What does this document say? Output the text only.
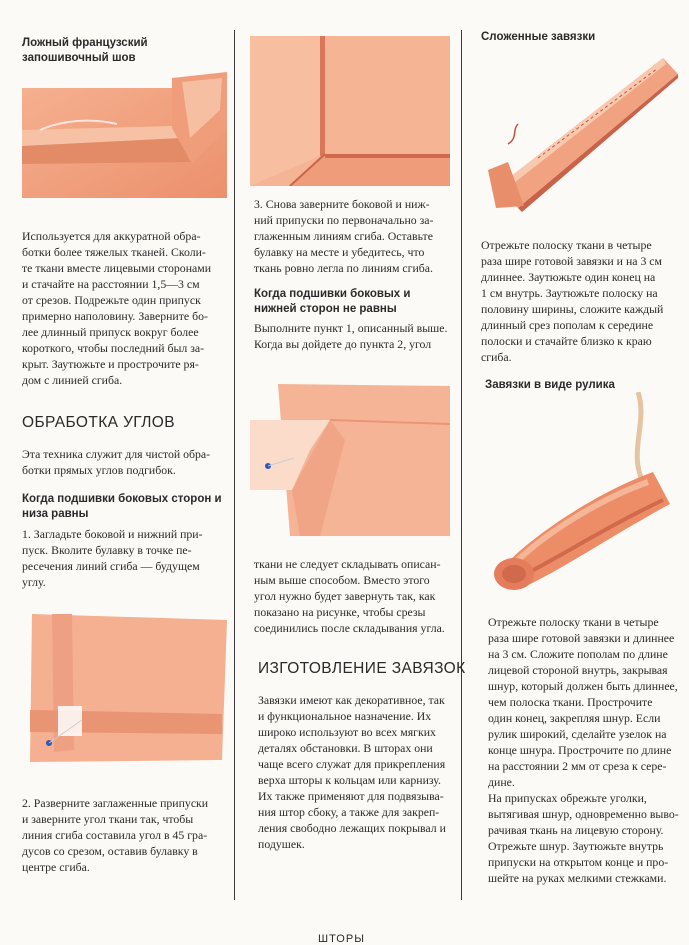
Ложный французский
запошивочный шов
Используется для аккуратной обра-
ботки более тяжелых тканей. Сколи-
те ткани вместе лицевыми сторонами
и стачайте на расстоянии 1,5—3 см
от срезов. Подрежьте один припуск
примерно наполовину. Заверните бо-
лее длинный припуск вокруг более
короткого, чтобы последний был за-
крыт. Заутюжьте и прострочите ря-
дом с линией сгиба.
ОБРАБОТКА УГЛОВ
Эта техника служит для чистой обра-
ботки прямых углов подгибок.
Когда подшивки боковых сторон и
низа равны
1. Загладьте боковой и нижний при-
пуск. Вколите булавку в точке пе-
ресечения линий сгиба — будущем
углу.
2. Разверните заглаженные припуски
и заверните угол ткани так, чтобы
линия сгиба составила угол в 45 гра-
дусов со срезом, оставив булавку в
центре сгиба.
3. Снова заверните боковой и ниж-
ний припуски по первоначально за-
глаженным линиям сгиба. Оставьте
булавку на месте и убедитесь, что
ткань ровно легла по линиям сгиба.
Когда подшивки боковых и
нижней сторон не равны
Выполните пункт 1, описанный выше.
Когда вы дойдете до пункта 2, угол
ткани не следует складывать описан-
ным выше способом. Вместо этого
угол нужно будет завернуть так, как
показано на рисунке, чтобы срезы
соединились после складывания угла.
ИЗГОТОВЛЕНИЕ ЗАВЯЗОК
Завязки имеют как декоративное, так
и функциональное назначение. Их
широко используют во всех мягких
деталях обстановки. В шторах они
чаще всего служат для прикрепления
верха шторы к кольцам или карнизу.
Их также применяют для подвязыва-
ния штор сбоку, а также для закреп-
ления свободно лежащих покрывал и
подушек.
Сложенные завязки
Отрежьте полоску ткани в четыре
раза шире готовой завязки и на 3 см
длиннее. Заутюжьте один конец на
1 см внутрь. Заутюжьте полоску на
половину ширины, сложите каждый
длинный срез пополам к середине
полоски и стачайте близко к краю
сгиба.
Завязки в виде рулика
Отрежьте полоску ткани в четыре
раза шире готовой завязки и длиннее
на 3 см. Сложите пополам по длине
лицевой стороной внутрь, закрывая
шнур, который должен быть длиннее,
чем полоска ткани. Прострочите
один конец, закрепляя шнур. Если
рулик широкий, сделайте узелок на
конце шнура. Прострочите по длине
на расстоянии 2 мм от среза к сере-
дине.
На припусках обрежьте уголки,
вытягивая шнур, одновременно выво-
рачивая ткань на лицевую сторону.
Отрежьте шнур. Заутюжьте внутрь
припуски на открытом конце и про-
шейте на руках мелкими стежками.
ШТОРЫ
